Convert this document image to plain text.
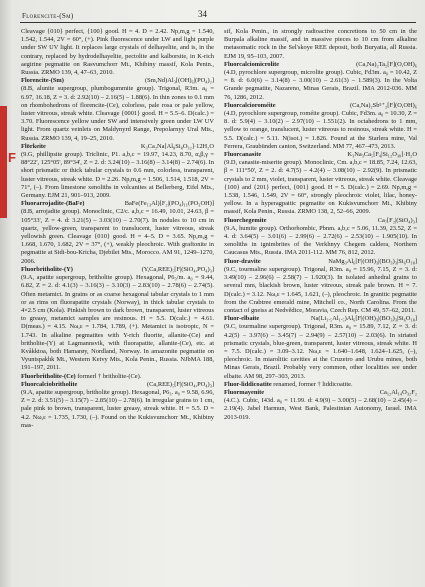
Florencite-(Sm)	34
F

Cleavage {010} perfect, {100} good. H = 4. D = 2.42. Np,m,g = 1.540, 1.542, 1.544, 2V = 60°, (+). Pink fluorescence under LW and light purple under SW UV light. It replaces large crystals of delhayelite, and is, in the contrary, replaced by hydrodelhayelite, pectolite and kalborsite, in K-rich aegirine pegmatite on Rasvumchorr Mt., Khibiny massif, Kola Penin., Russia. ZRMO 139, 4, 47–63, 2010.

Florencite-(Sm)	(Sm,Nd)Al₃[(OH)₆|(PO₄)₂]

(8.B, alunite supergroup, plumbogummite group). Trigonal, R3m. a₀ = 6.97, 16.18, Z = 3. d: 2.92(10) – 2.16(5) – 1.88(6). In thin zones to 0.1 mm on rhombohedrons of florencite-(Ce), colorless, pale rosa or pale yellow, luster vitreous, streak white. Cleavage {0001} good. H = 5.5–6. D(calc.) = 3.70. Fluorescence yellow under SW and intensively green under LW UV light. From quartz veinlets on Maldynyrd Range, Prepolarnyy Ural Mts., Russia. ZRMO 139, 4, 19–25, 2010.

Flörkeite	K₃Ca₂Na[Al₈Si₈O₃₂]·12H₂O

(9.G, phillipsite group). Triclinic, P1. a,b,c = 19.97, 14.23, 8.70, α,β,γ = 88°22', 125°05', 89°34', Z = 2. d: 3.24(10) – 3.16(8) – 3.14(8) – 2.74(6). In short prismatic or thick tabular crystals to 0.6 mm, colorless, transparent, luster vitreous, streak white. D = 2.26. Np,m,g = 1.506, 1.514, 1.518, 2V = 71°, (–). From limestone xenoliths in volcanites at Bellerberg, Eifel Mts., Germany. EJM 21, 901–913, 2009.

Fluorarrojadite-(BaFe)	BaFe(Fe₁₃Al)[F₂|(PO₄)₁₁(PO₃OH)]

(8.B, arrojadite group). Monoclinic, C2/c. a,b,c = 16.49, 10.01, 24.63, β = 105°33', Z = 4. d: 3.21(5) – 3.03(10) – 2.70(7). In nodules to 10 cm in quartz, yellow-green, transparent to translucent, luster vitreous, streak yellowish green. Cleavage {010} good. H = 4–5. D = 3.65. Np,m,g = 1.668, 1.670, 1.682, 2V = 37°, (+), weakly pleochroic. With graftonite in pegmatite at Sidi-bou-Kricha, Djebilet Mts., Morocco. AM 91, 1249–1270, 2006.

Fluorbritholite-(Y)	(Y,Ca,REE)₅[F|(SiO₄,PO₄)₃]

(9.A, apatite supergroup, britholite group). Hexagonal, P6₃/m. a₀ = 9.44, 6.82, Z = 2. d: 4.1(3) – 3.16(3) – 3.10(3) – 2.83(10) – 2.78(6) – 2.74(5). Often metamict. In grains or as coarse hexagonal tabular crystals to 1 mm or as rims on fluorapatite crystals (Norway), in thick tabular crystals to 4×2.5 cm (Kola). Pinkish brown to dark brown, transparent, luster vitreous to greasy, metamict samples are resinous. H = 5.5. D(calc.) = 4.61. D(meas.) = 4.15. Nω,ε = 1.784, 1.789, (+). Metamict is isotropic, N = 1.743. In alkaline pegmatites with Y-rich fluorite, allanite-(Ce) and britholite-(Y) at Lagmannsvik, with fluorapatite, allanite-(Ce), etc. at Kvåkktoa, both Hamarøy, Nordland, Norway. In amazonite pegmatite on Vyuntspakhk Mt., Western Keivy Mts., Kola Penin., Russia. NJbMA 188, 191–197, 2011.

Fluorbritholite-(Ce) formerl † britholite-(Ce).

Fluorcalciobritholite	(Ca,REE)₅[F|(SiO₄,PO₄)₃]

(9.A, apatite supergroup, britholite group). Hexagonal, P6₃. a₀ = 9.58, 6.96, Z = 2. d: 3.51(5) – 3.15(7) – 2.85(10) – 2.78(6). In irregular grains to 1 cm, pale pink to brown, transparent, luster greasy, streak white. H = 5.5. D = 4.2. Nω,ε = 1.735, 1.730, (–). Found on the Kukisvumchorr Mt., Khibiny mas-

sif, Kola Penin., in strongly radioactive concretions to 50 cm in the Burpala alkaline massif, and in massive pieces to 10 cm from alkaline metasomatic rock in the Sel'skoye REE deposit, both Buryatia, all Russia. EJM 19, 95–103, 2007.

Fluorcalciomicrolite	(Ca,Na)₂Ta₂[F](O,OH)₆

(4.D, pyrochlore supergroup, microlite group). Cubic, Fd3m. a₀ = 10.42, Z = 8. d: 6.0(6) – 3.14(8) – 3.00(10) – 2.61(3) – 1.589(3). In the Volta Grande pegmatite, Nazareno, Minas Gerais, Brazil. IMA 2012-036. MM 76, 1286, 2012.

Fluorcalcioroméite	(Ca,Na)₂Sb⁵⁺₂[F](O,OH)₆

(4.D, pyrochlore supergroup, roméite group). Cubic, Fd3m. a₀ = 10.30, Z = 8. d: 5.9(4) – 3.10(2) – 2.97(10) – 1.551(2). In octahedrons to 1 mm, yellow to orange, translucent, luster vitreous to resinous, streak white. H = 5.5. D(calc.) = 5.11. N(isot.) = 1.826. Found at the Starlera mine, Val Ferrera, Graubünden canton, Switzerland. MM 77, 467–473, 2013.

Fluorcanasite	K₃Na₃Ca₅[F₄|Si₁₂O₃₀]·H₂O

(9.D, canasite-miserite group). Monoclinic, Cm. a,b,c = 18.85, 7.24, 12.63, β = 111°50', Z = 2. d: 4.7(5) – 4.2(4) – 3.08(10) – 2.92(9). In prismatic crystals to 2 mm, violet, transparent, luster vitreous, streak white. Cleavage {100} and {201} perfect, {001} good. H = 5. D(calc.) = 2.69. Np,m,g = 1.538, 1.546, 1.549, 2V = 60°, strongly pleochroic violet, lilac, honey-yellow. In a hyperagpaitic pegmatite on Kukisvumchorr Mt., Khibiny massif, Kola Penin., Russia. ZRMO 138, 2, 52–66, 2009.

Fluorchegemite	Ca₇[F₂|(SiO₄)₃]

(9.A, humite group). Orthorhombic, Pbnm. a,b,c = 5.06, 11.39, 23.52, Z = 4. d: 3.64(5) – 3.01(6) – 2.99(6) – 2.72(6) – 2.53(10) – 1.905(10). In xenoliths in ignimbrites of the Verkhnyy Chegem caldera, Northern Caucasus Mts., Russia. IMA 2011-112. MM 76, 812, 2012.

Fluor-dravite	NaMg₃Al₆[F|(OH)₃|(BO₃)₃|Si₆O₁₈]

(9.C, tourmaline supergroup). Trigonal, R3m. a₀ = 15.96, 7.15, Z = 3. d: 3.49(10) – 2.96(6) – 2.58(7) – 1.920(3). In isolated anhedral grains to several mm, blackish brown, luster vitreous, streak pale brown. H = 7. D(calc.) = 3.12. Nω,ε = 1.645, 1.621, (–), pleochroic. In granitic pegmatite from the Crabtree emerald mine, Mitchell co., North Carolina. From the contact of gneiss at Nedvědice, Moravia, Czech Rep. CM 49, 57–62, 2011.

Fluor-elbaite	Na(Li₁.₅Al₁.₅)Al₆[F|(OH)₃|(BO₃)₃|Si₆O₁₈]

(9.C, tourmaline supergroup). Trigonal, R3m. a₀ = 15.89, 7.12, Z = 3. d: 4.2(5) – 3.97(6) – 3.45(7) – 2.94(9) – 2.57(10) – 2.03(6). In striated prismatic crystals, blue-green, transparent, luster vitreous, streak white. H = 7.5. D(calc.) = 3.09–3.12. Nω,ε = 1.640–1.648, 1.624–1.625, (–), pleochroic. In miarolitic cavities at the Cruzeiro and Urubu mines, both Minas Gerais, Brazil. Probably very common, other localities see under elbaite. AM 98, 297–303, 2013.

Fluor-liddicoatite renamed, former † liddicoatite.

Fluormayenite	Ca₁₂Al₁₄O₃₂F₂

(4.C.). Cubic, I43d. a₀ = 11.99. d: 4.9(9) – 3.00(5) – 2.68(10) – 2.45(4) – 2.19(4). Jabel Harmun, West Bank, Palestinian Autonomy, Israel. IMA 2013-019.
